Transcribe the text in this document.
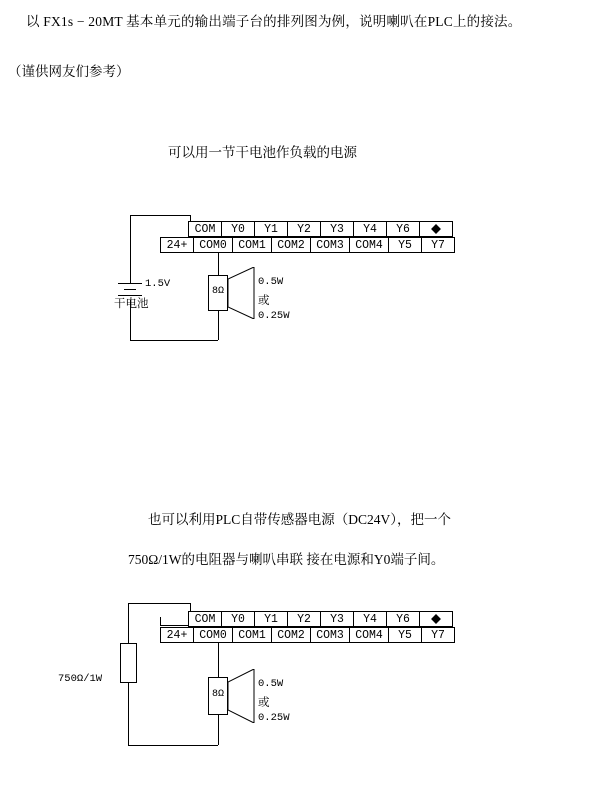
以 FX1s − 20MT 基本单元的输出端子台的排列图为例，说明喇叭在PLC上的接法。
（谨供网友们参考）
可以用一节干电池作负载的电源
1.5V
干电池
8Ω
0.5W
或
0.25W
COM	Y0	Y1	Y2	Y3	Y4	Y6
24+	COM0 COM1 COM2 COM3 COM4	Y5	Y7
也可以利用PLC自带传感器电源（DC24V），把一个
750Ω/1W的电阻器与喇叭串联 接在电源和Y0端子间。
750Ω/1W
8Ω
0.5W
或
0.25W
COM	Y0	Y1	Y2	Y3	Y4	Y6
24+	COM0 COM1 COM2 COM3 COM4	Y5	Y7
